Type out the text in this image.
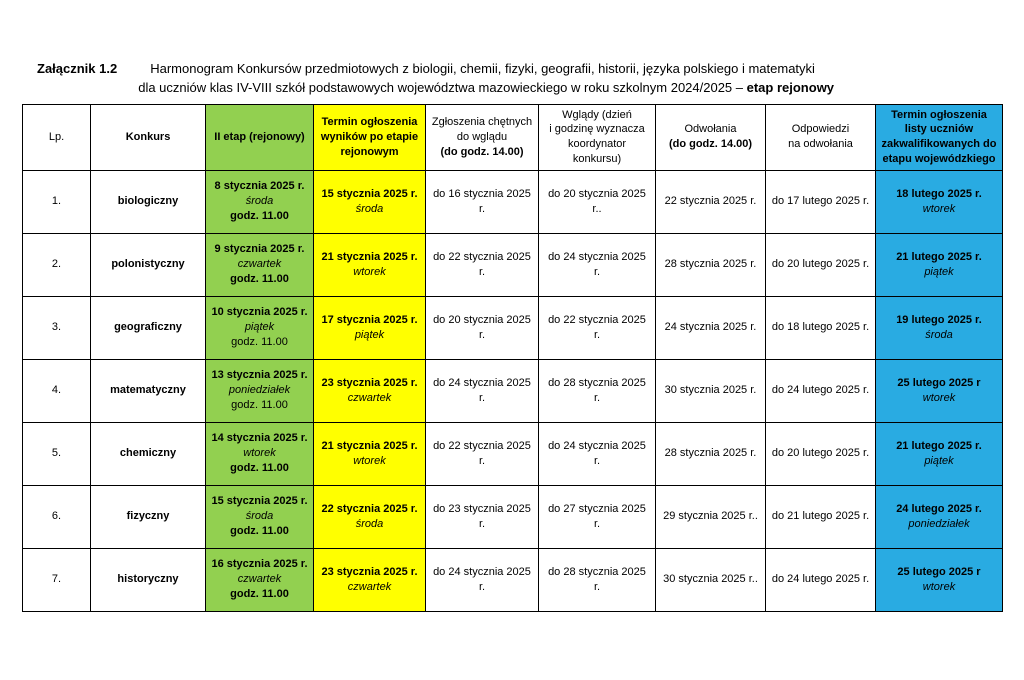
Załącznik 1.2	Harmonogram Konkursów przedmiotowych z biologii, chemii, fizyki, geografii, historii, języka polskiego i matematyki
dla uczniów klas IV-VIII szkół podstawowych województwa mazowieckiego w roku szkolnym 2024/2025 – etap rejonowy
Lp.	Konkurs	II etap (rejonowy)	Termin ogłoszenia wyników po etapie rejonowym	Zgłoszenia chętnych
do wglądu
(do godz. 14.00)	Wglądy (dzień
i godzinę wyznacza
koordynator konkursu)	Odwołania
(do godz. 14.00)	Odpowiedzi
na odwołania	Termin ogłoszenia listy uczniów zakwalifikowanych do etapu wojewódzkiego
1.	biologiczny	8 stycznia 2025 r.
środa
godz. 11.00	15 stycznia 2025 r.
środa	do 16 stycznia 2025 r.	do 20 stycznia 2025 r..	22 stycznia 2025 r.	do 17 lutego 2025 r.	18 lutego 2025 r.
wtorek

2.	polonistyczny	9 stycznia 2025 r.
czwartek
godz. 11.00	21 stycznia 2025 r.
wtorek	do 22 stycznia 2025 r.	do 24 stycznia 2025 r.	28 stycznia 2025 r.	do 20 lutego 2025 r.	21 lutego 2025 r.
piątek

3.	geograficzny	10 stycznia 2025 r.
piątek
godz. 11.00	17 stycznia 2025 r.
piątek	do 20 stycznia 2025 r.	do 22 stycznia 2025 r.	24 stycznia 2025 r.	do 18 lutego 2025 r.	19 lutego 2025 r.
środa

4.	matematyczny	13 stycznia 2025 r.
poniedziałek
godz. 11.00	23 stycznia 2025 r.
czwartek	do 24 stycznia 2025 r.	do 28 stycznia 2025 r.	30 stycznia 2025 r.	do 24 lutego 2025 r.	25 lutego 2025 r
wtorek

5.	chemiczny	14 stycznia 2025 r.
wtorek
godz. 11.00	21 stycznia 2025 r.
wtorek	do 22 stycznia 2025 r.	do 24 stycznia 2025 r.	28 stycznia 2025 r.	do 20 lutego 2025 r.	21 lutego 2025 r.
piątek

6.	fizyczny	15 stycznia 2025 r.
środa
godz. 11.00	22 stycznia 2025 r.
środa	do 23 stycznia 2025 r.	do 27 stycznia 2025 r.	29 stycznia 2025 r..	do 21 lutego 2025 r.	24 lutego 2025 r.
poniedziałek

7.	historyczny	16 stycznia 2025 r.
czwartek
godz. 11.00	23 stycznia 2025 r.
czwartek	do 24 stycznia 2025 r.	do 28 stycznia 2025 r.	30 stycznia 2025 r..	do 24 lutego 2025 r.	25 lutego 2025 r
wtorek
